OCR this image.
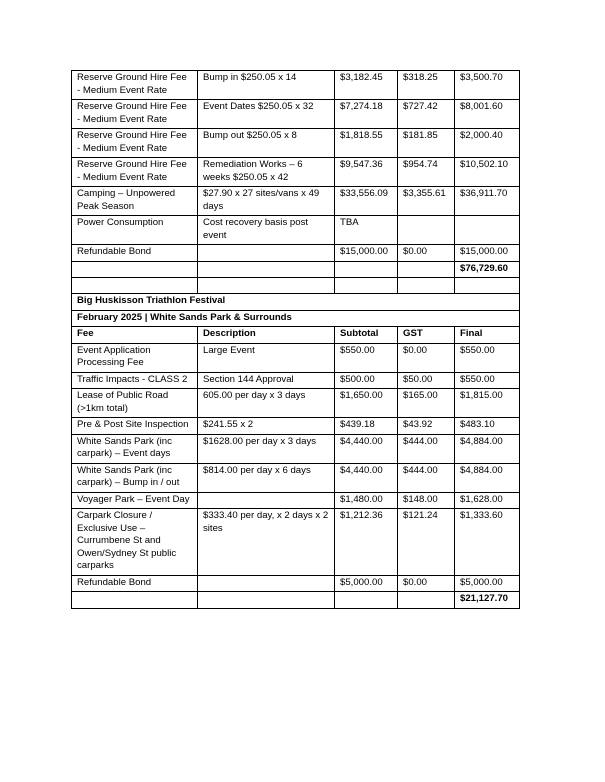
Reserve Ground Hire Fee - Medium Event Rate	Bump in $250.05 x 14	$3,182.45	$318.25	$3,500.70
Reserve Ground Hire Fee - Medium Event Rate	Event Dates $250.05 x 32	$7,274.18	$727.42	$8,001.60
Reserve Ground Hire Fee - Medium Event Rate	Bump out $250.05 x 8	$1,818.55	$181.85	$2,000.40
Reserve Ground Hire Fee - Medium Event Rate	Remediation Works – 6 weeks $250.05 x 42	$9,547.36	$954.74	$10,502.10
Camping – Unpowered Peak Season	$27.90 x 27 sites/vans x 49 days	$33,556.09	$3,355.61	$36,911.70
Power Consumption	Cost recovery basis post event	TBA		
Refundable Bond		$15,000.00	$0.00	$15,000.00
				$76,729.60

Big Huskisson Triathlon Festival				
February 2025 | White Sands Park & Surrounds				
Fee	Description	Subtotal	GST	Final
Event Application Processing Fee	Large Event	$550.00	$0.00	$550.00
Traffic Impacts - CLASS 2	Section 144 Approval	$500.00	$50.00	$550.00
Lease of Public Road (>1km total)	605.00 per day x 3 days	$1,650.00	$165.00	$1,815.00
Pre & Post Site Inspection	$241.55 x 2	$439.18	$43.92	$483.10
White Sands Park (inc carpark) – Event days	$1628.00 per day x 3 days	$4,440.00	$444.00	$4,884.00
White Sands Park (inc carpark) – Bump in / out	$814.00 per day x 6 days	$4,440.00	$444.00	$4,884.00
Voyager Park – Event Day		$1,480.00	$148.00	$1,628.00
Carpark Closure / Exclusive Use – Currumbene St and Owen/Sydney St public carparks	$333.40 per day, x 2 days x 2 sites	$1,212.36	$121.24	$1,333.60
Refundable Bond		$5,000.00	$0.00	$5,000.00
				$21,127.70
